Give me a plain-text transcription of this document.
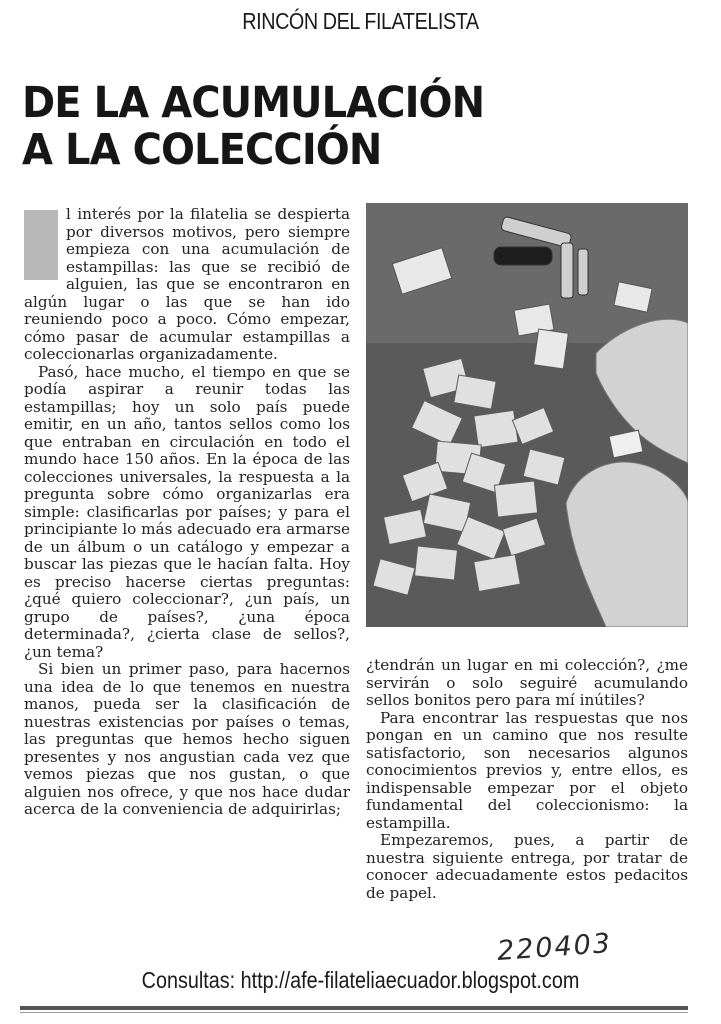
RINCÓN DEL FILATELISTA
DE LA ACUMULACIÓN
A LA COLECCIÓN

l interés por la filatelia se despierta por diversos motivos, pero siempre empieza con una acumulación de estampillas: las que se recibió de alguien, las que se encontraron en algún lugar o las que se han ido reuniendo poco a poco. Cómo empezar, cómo pasar de acumular estampillas a coleccionarlas organizadamente.

Pasó, hace mucho, el tiempo en que se podía aspirar a reunir todas las estampillas; hoy un solo país puede emitir, en un año, tantos sellos como los que entraban en circulación en todo el mundo hace 150 años. En la época de las colecciones universales, la respuesta a la pregunta sobre cómo organizarlas era simple: clasificarlas por países; y para el principiante lo más adecuado era armarse de un álbum o un catálogo y empezar a buscar las piezas que le hacían falta. Hoy es preciso hacerse ciertas preguntas: ¿qué quiero coleccionar?, ¿un país, un grupo de países?, ¿una época determinada?, ¿cierta clase de sellos?, ¿un tema?

Si bien un primer paso, para hacernos una idea de lo que tenemos en nuestra manos, pueda ser la clasificación de nuestras existencias por países o temas, las preguntas que hemos hecho siguen presentes y nos angustian cada vez que vemos piezas que nos gustan, o que alguien nos ofrece, y que nos hace dudar acerca de la conveniencia de adquirirlas;

¿tendrán un lugar en mi colección?, ¿me servirán o solo seguiré acumulando sellos bonitos pero para mí inútiles?

Para encontrar las respuestas que nos pongan en un camino que nos resulte satisfactorio, son necesarios algunos conocimientos previos y, entre ellos, es indispensable empezar por el objeto fundamental del coleccionismo: la estampilla.

Empezaremos, pues, a partir de nuestra siguiente entrega, por tratar de conocer adecuadamente estos pedacitos de papel.

220403
Consultas: http://afe-filateliaecuador.blogspot.com
